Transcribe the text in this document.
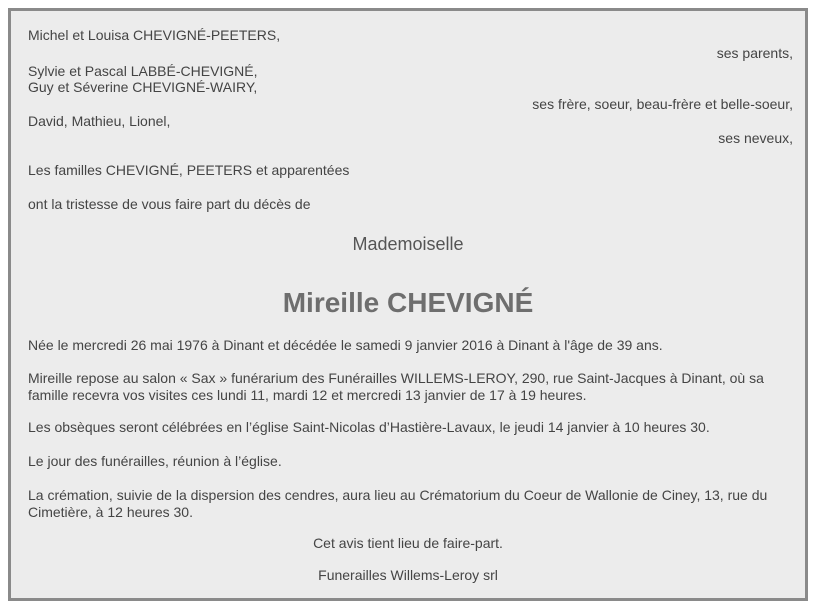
Michel et Louisa CHEVIGNÉ-PEETERS,
ses parents,
Sylvie et Pascal LABBÉ-CHEVIGNÉ,
Guy et Séverine CHEVIGNÉ-WAIRY,
ses frère, soeur, beau-frère et belle-soeur,
David, Mathieu, Lionel,
ses neveux,
Les familles CHEVIGNÉ, PEETERS et apparentées
ont la tristesse de vous faire part du décès de
Mademoiselle
Mireille CHEVIGNÉ
Née le mercredi 26 mai 1976 à Dinant et décédée le samedi 9 janvier 2016 à Dinant à l'âge de 39 ans.
Mireille repose au salon « Sax » funérarium des Funérailles WILLEMS-LEROY, 290, rue Saint-Jacques à Dinant, où sa famille recevra vos visites ces lundi 11, mardi 12 et mercredi 13 janvier de 17 à 19 heures.
Les obsèques seront célébrées en l’église Saint-Nicolas d’Hastière-Lavaux, le jeudi 14 janvier à 10 heures 30.
Le jour des funérailles, réunion à l’église.
La crémation, suivie de la dispersion des cendres, aura lieu au Crématorium du Coeur de Wallonie de Ciney, 13, rue du Cimetière, à 12 heures 30.
Cet avis tient lieu de faire-part.
Funerailles Willems-Leroy srl
